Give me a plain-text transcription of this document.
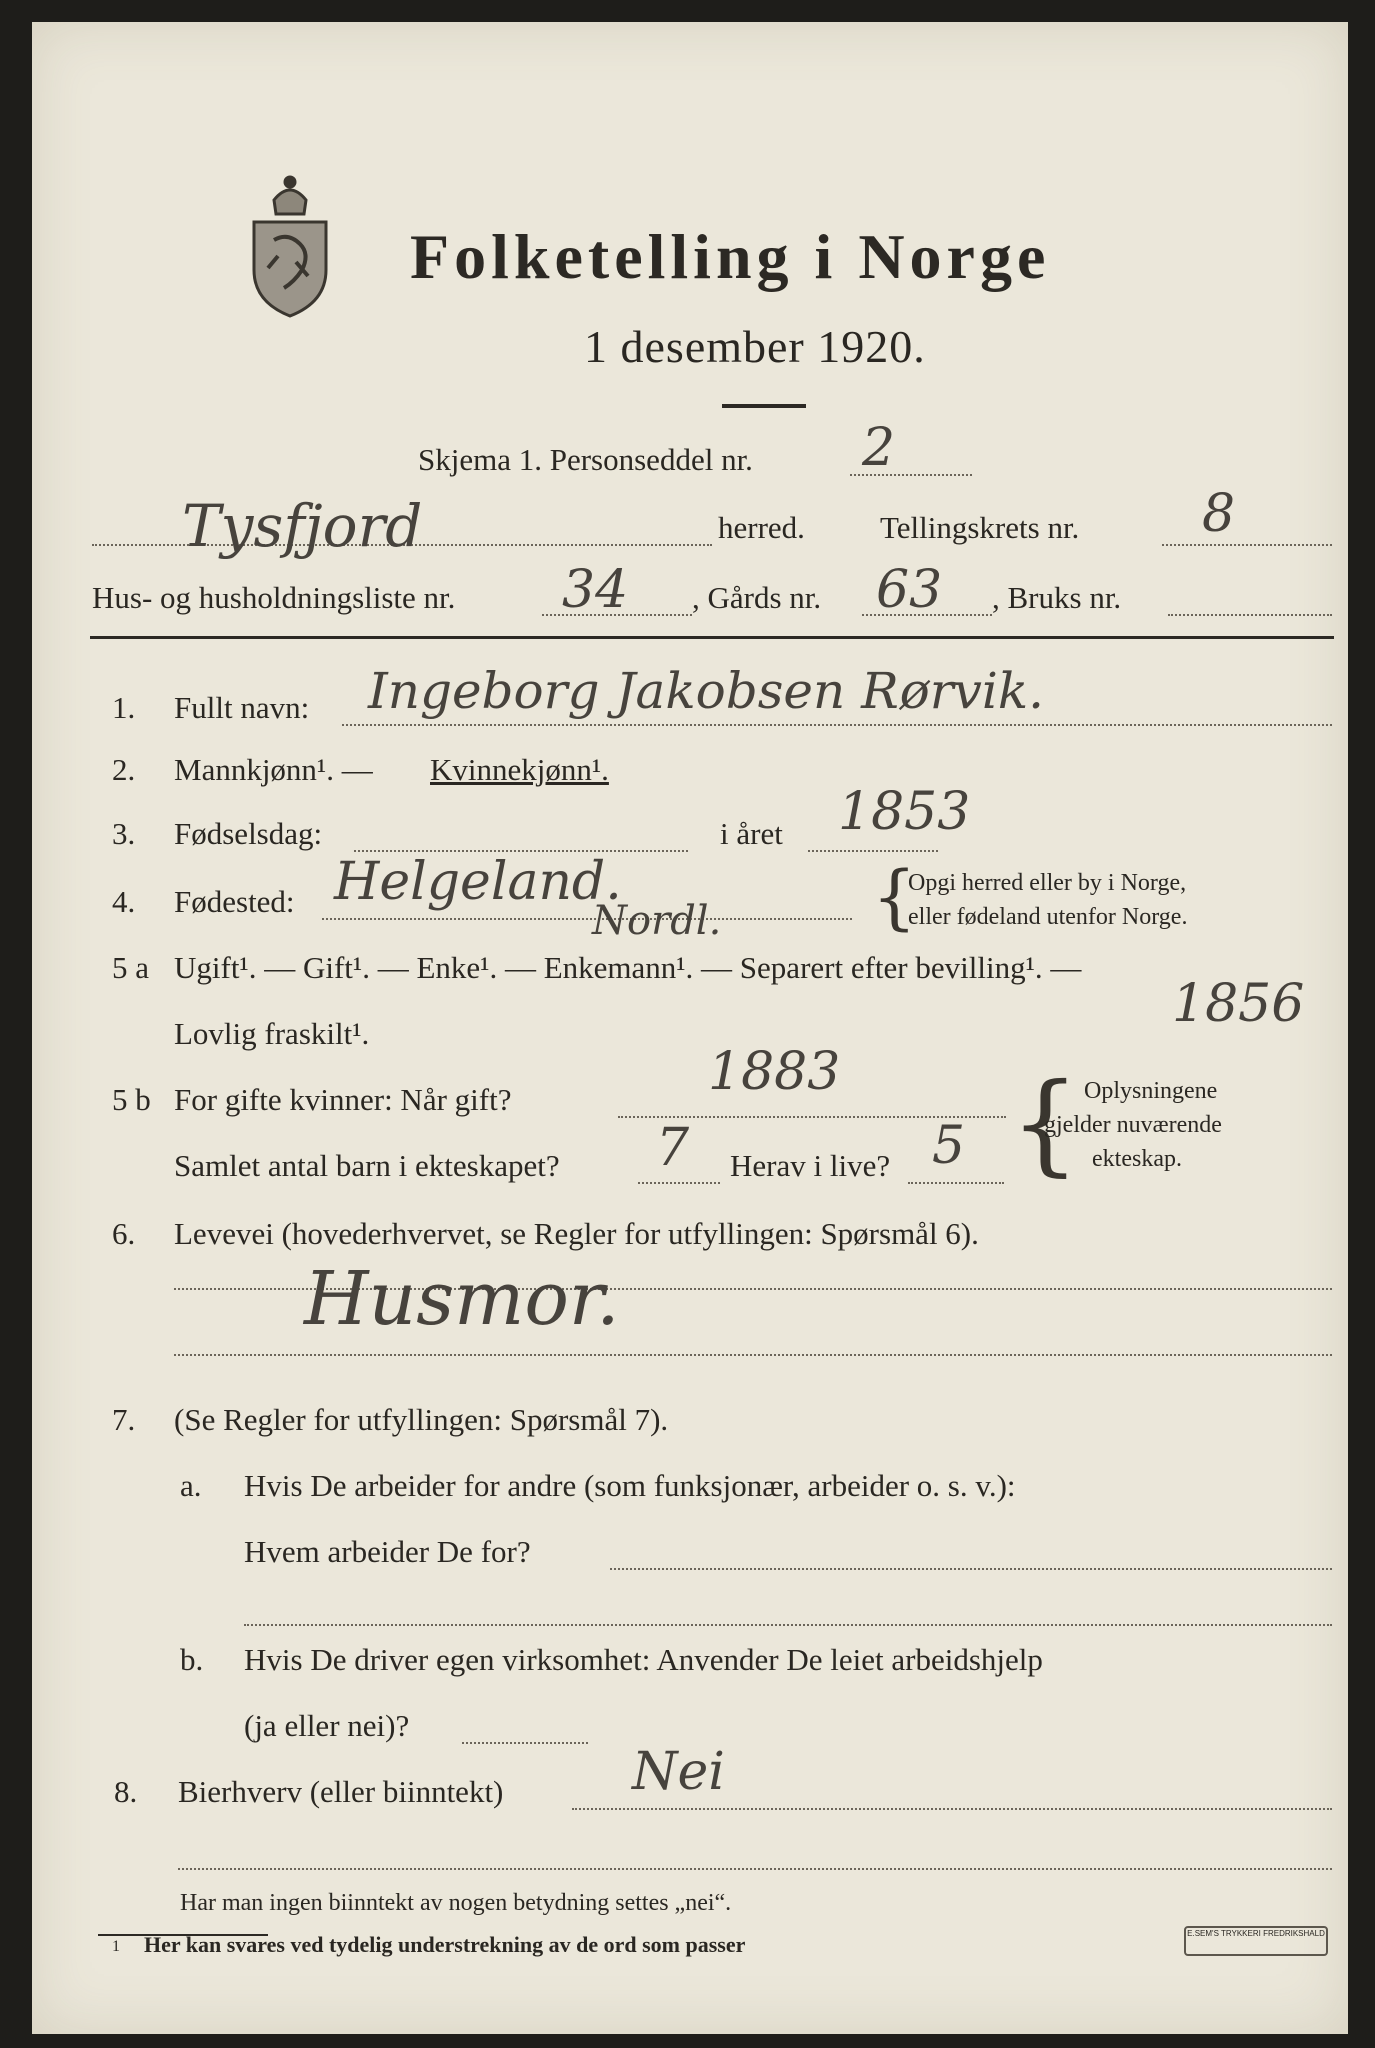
Folketelling i Norge
1 desember 1920.
Skjema 1. Personseddel nr. 2
Tysfjord	herred. Tellingskrets nr. 8
Hus- og husholdningsliste nr. 34 , Gårds nr. 63 , Bruks nr.
1. Fullt navn: Ingeborg Jakobsen Rørvik.
2. Mannkjønn¹. — Kvinnekjønn¹.
3. Fødselsdag:	i året 1853
4. Fødested: Helgeland.
Nordl. {
Opgi herred eller by i Norge,
eller fødeland utenfor Norge.
5 a Ugift¹. — Gift¹. — Enke¹. — Enkemann¹. — Separert efter bevilling¹. —
Lovlig fraskilt¹.	1856
5 b For gifte kvinner: Når gift?	1883
Samlet antal barn i ekteskapet? 7 Herav i live? 5 { Oplysningene
gjelder nuværende
ekteskap.
6. Levevei (hovederhvervet, se Regler for utfyllingen: Spørsmål 6).
Husmor.
7. (Se Regler for utfyllingen: Spørsmål 7).
a. Hvis De arbeider for andre (som funksjonær, arbeider o. s. v.):
Hvem arbeider De for?
b. Hvis De driver egen virksomhet: Anvender De leiet arbeidshjelp
(ja eller nei)?
8. Bierhverv (eller biinntekt) Nei
Har man ingen biinntekt av nogen betydning settes „nei“.
1 Her kan svares ved tydelig understrekning av de ord som passer	E.SEM'S TRYKKERI FREDRIKSHALD
